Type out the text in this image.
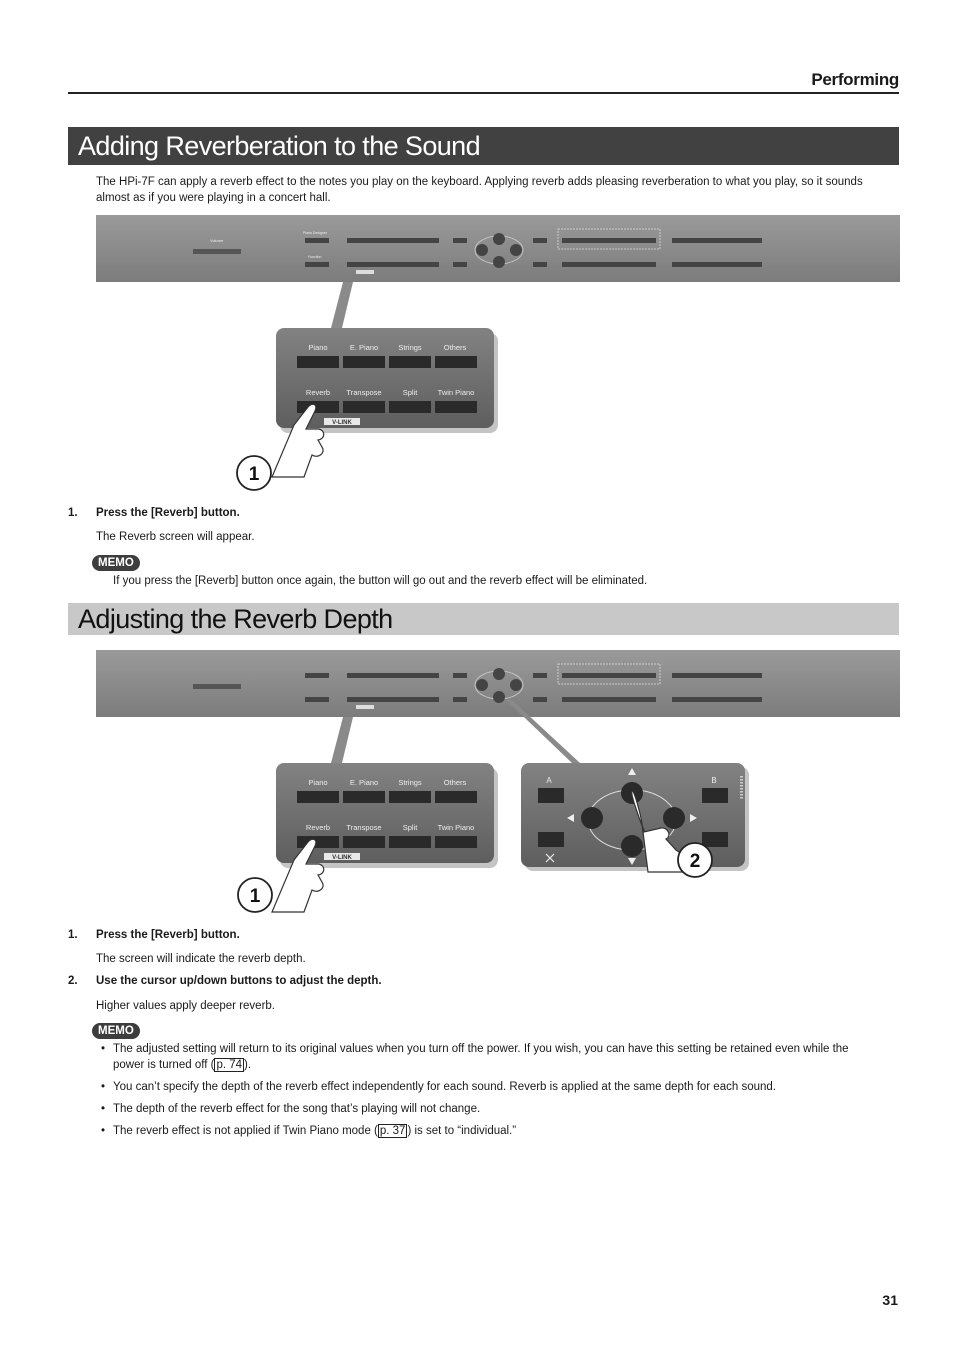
Performing
Adding Reverberation to the Sound
The HPi-7F can apply a reverb effect to the notes you play on the keyboard. Applying reverb adds pleasing reverberation to what you play, so it sounds
almost as if you were playing in a concert hall.
Volume
Piano Designer
Function
Piano	E. Piano	Strings	Others
Reverb Transpose	Split	Twin Piano
V-LINK
1
1. Press the [Reverb] button.
The Reverb screen will appear.
MEMO
If you press the [Reverb] button once again, the button will go out and the reverb effect will be eliminated.
Adjusting the Reverb Depth
Piano	E. Piano	Strings	Others
Reverb Transpose	Split	Twin Piano
V-LINK
1
A	B
2
1. Press the [Reverb] button.
The screen will indicate the reverb depth.
2. Use the cursor up/down buttons to adjust the depth.
Higher values apply deeper reverb.
MEMO
• The adjusted setting will return to its original values when you turn off the power. If you wish, you can have this setting be retained even while the
power is turned off ( p. 74 ).
• You can’t specify the depth of the reverb effect independently for each sound. Reverb is applied at the same depth for each sound.
• The depth of the reverb effect for the song that’s playing will not change.
• The reverb effect is not applied if Twin Piano mode ( p. 37 ) is set to “individual.”
31
